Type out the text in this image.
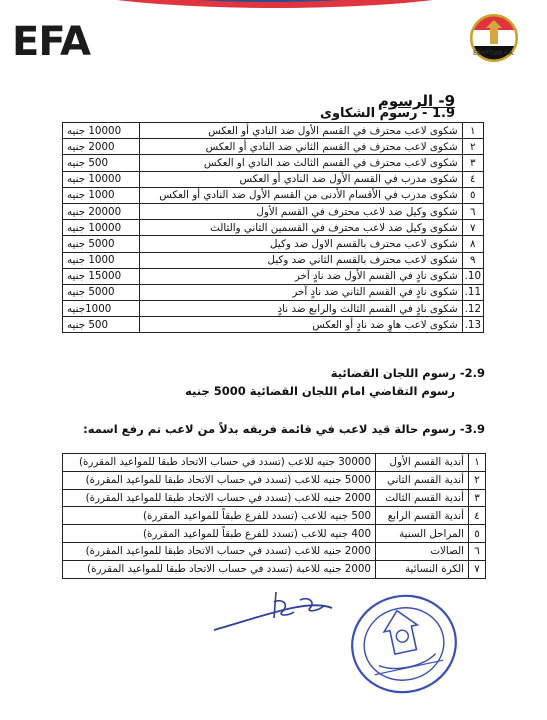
EFA	EGYPTIAN F.A.
9- الرسوم
1.9 - رسوم الشكاوى
١	شكوى لاعب محترف في القسم الأول ضد النادي أو العكس	10000 جنيه
٢	شكوى لاعب محترف في القسم الثاني ضد النادي أو العكس	2000 جنيه
٣	شكوى لاعب محترف في القسم الثالث ضد النادي او العكس	500 جنيه
٤	شكوى مدرب في القسم الأول ضد النادي أو العكس	10000 جنيه
٥	شكوى مدرب في الأقسام الأدنى من القسم الأول ضد النادي أو العكس	1000 جنيه
٦	شكوى وكيل ضد لاعب محترف في القسم الأول	20000 جنيه
٧	شكوى وكيل ضد لاعب محترف في القسمين الثاني والثالث	10000 جنيه
٨	شكوى لاعب محترف بالقسم الاول ضد وكيل	5000 جنيه
٩	شكوى لاعب محترف بالقسم الثاني ضد وكيل	1000 جنيه
10.	شكوى نادٍ في القسم الأول ضد نادٍ آخر	15000 جنيه
11.	شكوى نادٍ في القسم الثاني ضد نادٍ آخر	5000 جنيه
12.	شكوى نادٍ في القسم الثالث والرابع ضد نادٍ	1000جنيه
13.	شكوى لاعب هاوٍ ضد نادٍ أو العكس	500 جنيه
2.9- رسوم اللجان القضائية
رسوم التقاضي امام اللجان القضائية 5000 جنيه
3.9- رسوم حالة قيد لاعب في قائمة فريقه بدلاً من لاعب تم رفع اسمه:
١	أندية القسم الأول	30000 جنيه للاعب (تسدد في حساب الاتحاد طبقا للمواعيد المقررة)
٢	أندية القسم الثاني	5000 جنيه للاعب (تسدد في حساب الاتحاد طبقا للمواعيد المقررة)
٣	أندية القسم الثالث	2000 جنيه للاعب (تسدد في حساب الاتحاد طبقا للمواعيد المقررة)
٤	أندية القسم الرابع	500 جنيه للاعب (تسدد للفرع طبقاً للمواعيد المقررة)
٥	المراحل السنية	400 جنيه للاعب (تسدد للفرع طبقاً للمواعيد المقررة)
٦	الصالات	2000 جنيه للاعب (تسدد في حساب الاتحاد طبقا للمواعيد المقررة)
٧	الكرة النسائية	2000 جنيه للاعبة (تسدد في حساب الاتحاد طبقا للمواعيد المقررة)
